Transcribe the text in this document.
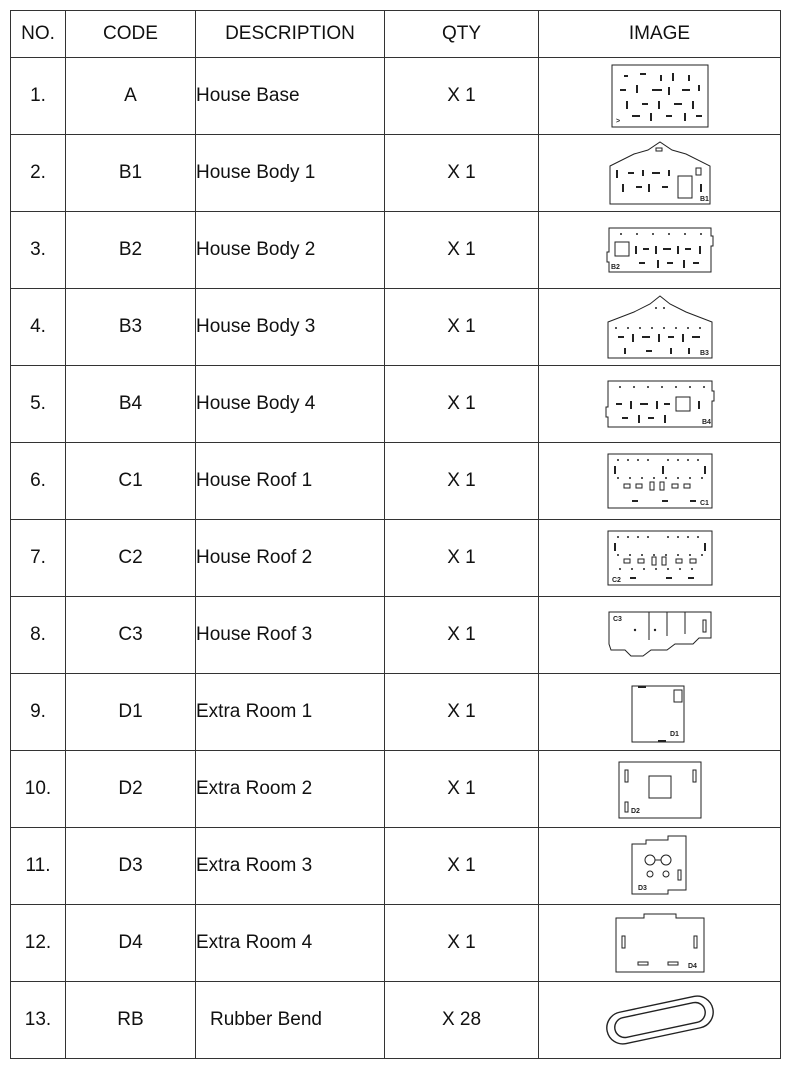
NO.	CODE	DESCRIPTION	QTY	IMAGE
1.	A	House Base	X 1	>

2.	B1	House Body 1	X 1	B1

3.	B2	House Body 2	X 1	B2

4.	B3	House Body 3	X 1	B3

5.	B4	House Body 4	X 1	B4

6.	C1	House Roof 1	X 1	C1

7.	C2	House Roof 2	X 1	C2

8.	C3	House Roof 3	X 1	C3

9.	D1	Extra Room 1	X 1	D1

10.	D2	Extra Room 2	X 1	D2

11.	D3	Extra Room 3	X 1	D3

12.	D4	Extra Room 4	X 1	D4

13.	RB	Rubber Bend	X 28	
